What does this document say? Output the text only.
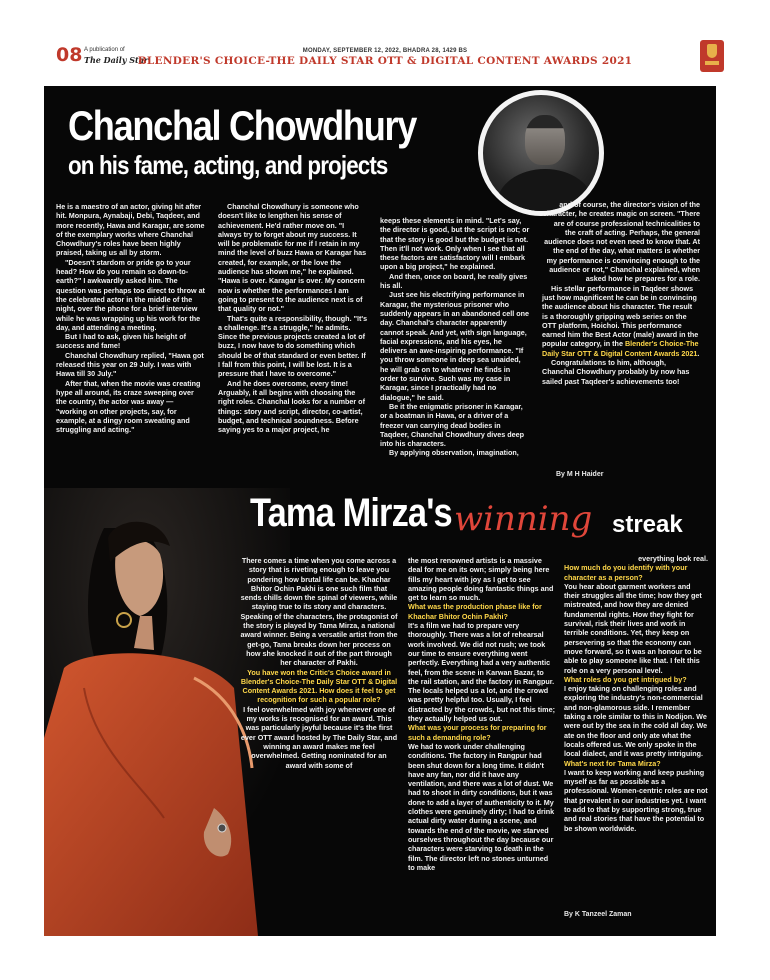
08 A publication of
The Daily Star
MONDAY, SEPTEMBER 12, 2022, BHADRA 28, 1429 BS
BLENDER'S CHOICE-THE DAILY STAR OTT & DIGITAL CONTENT AWARDS 2021
Chanchal Chowdhury
on his fame, acting, and projects

He is a maestro of an actor, giving hit after hit. Monpura, Aynabaji, Debi, Taqdeer, and more recently, Hawa and Karagar, are some of the exemplary works where Chanchal Chowdhury's roles have been highly praised, taking us all by storm.

"Doesn't stardom or pride go to your head? How do you remain so down-to-earth?" I awkwardly asked him. The question was perhaps too direct to throw at the celebrated actor in the middle of the night, over the phone for a brief interview while he was wrapping up his work for the day, and attending a meeting.

But I had to ask, given his height of success and fame!

Chanchal Chowdhury replied, "Hawa got released this year on 29 July. I was with Hawa till 30 July."

After that, when the movie was creating hype all around, its craze sweeping over the country, the actor was away — "working on other projects, say, for example, at a dingy room sweating and struggling and acting."

Chanchal Chowdhury is someone who doesn't like to lengthen his sense of achievement. He'd rather move on. "I always try to forget about my success. It will be problematic for me if I retain in my mind the level of buzz Hawa or Karagar has created, for example, or the love the audience has shown me," he explained. "Hawa is over. Karagar is over. My concern now is whether the performances I am going to present to the audience next is of that quality or not."

That's quite a responsibility, though. "It's a challenge. It's a struggle," he admits. Since the previous projects created a lot of buzz, I now have to do something which should be of that standard or even better. If I fall from this point, I will be lost. It is a pressure that I have to overcome."

And he does overcome, every time! Arguably, it all begins with choosing the right roles. Chanchal looks for a number of things: story and script, director, co-artist, budget, and technical soundness. Before saying yes to a major project, he

keeps these elements in mind. "Let's say, the director is good, but the script is not; or that the story is good but the budget is not. Then it'll not work. Only when I see that all these factors are satisfactory will I embark upon a big project," he explained.

And then, once on board, he really gives his all.

Just see his electrifying performance in Karagar, the mysterious prisoner who suddenly appears in an abandoned cell one day. Chanchal's character apparently cannot speak. And yet, with sign language, facial expressions, and his eyes, he delivers an awe-inspiring performance. "If you throw someone in deep sea unaided, he will grab on to whatever he finds in order to survive. Such was my case in Karagar, since I practically had no dialogue," he said.

Be it the enigmatic prisoner in Karagar, or a boatman in Hawa, or a driver of a freezer van carrying dead bodies in Taqdeer, Chanchal Chowdhury dives deep into his characters.

By applying observation, imagination,

and of course, the director's vision of the character, he creates magic on screen. "There are of course professional technicalities to the craft of acting. Perhaps, the general audience does not even need to know that. At the end of the day, what matters is whether my performance is convincing enough to the audience or not," Chanchal explained, when asked how he prepares for a role.

His stellar performance in Taqdeer shows just how magnificent he can be in convincing the audience about his character. The result is a thoroughly gripping web series on the OTT platform, Hoichoi. This performance earned him the Best Actor (male) award in the popular category, in the Blender's Choice-The Daily Star OTT & Digital Content Awards 2021.

Congratulations to him, although, Chanchal Chowdhury probably by now has sailed past Taqdeer's achievements too!

By M H Haider
Tama Mirza's winning streak

There comes a time when you come across a story that is riveting enough to leave you pondering how brutal life can be. Khachar Bhitor Ochin Pakhi is one such film that sends chills down the spinal of viewers, while staying true to its story and characters.

Speaking of the characters, the protagonist of the story is played by Tama Mirza, a national award winner. Being a versatile artist from the get-go, Tama breaks down her process on how she knocked it out of the part through her character of Pakhi.

You have won the Critic's Choice award in Blender's Choice-The Daily Star OTT & Digital Content Awards 2021. How does it feel to get recognition for such a popular role?

I feel overwhelmed with joy whenever one of my works is recognised for an award. This was particularly joyful because it's the first ever OTT award hosted by The Daily Star, and winning an award makes me feel overwhelmed. Getting nominated for an award with some of

the most renowned artists is a massive deal for me on its own; simply being here fills my heart with joy as I get to see amazing people doing fantastic things and get to learn so much.

What was the production phase like for Khachar Bhitor Ochin Pakhi?

It's a film we had to prepare very thoroughly. There was a lot of rehearsal work involved. We did not rush; we took our time to ensure everything went perfectly. Everything had a very authentic feel, from the scene in Karwan Bazar, to the rail station, and the factory in Rangpur. The locals helped us a lot, and the crowd was pretty helpful too. Usually, I feel distracted by the crowds, but not this time; they actually helped us out.

What was your process for preparing for such a demanding role?

We had to work under challenging conditions. The factory in Rangpur had been shut down for a long time. It didn't have any fan, nor did it have any ventilation, and there was a lot of dust. We had to shoot in dirty conditions, but it was done to add a layer of authenticity to it. My clothes were genuinely dirty; I had to drink actual dirty water during a scene, and towards the end of the movie, we starved ourselves throughout the day because our characters were starving to death in the film. The director left no stones unturned to make

everything look real.

How much do you identify with your character as a person?

You hear about garment workers and their struggles all the time; how they get mistreated, and how they are denied fundamental rights. How they fight for survival, risk their lives and work in terrible conditions. Yet, they keep on persevering so that the economy can move forward, so it was an honour to be able to play someone like that. I felt this role on a very personal level.

What roles do you get intrigued by?

I enjoy taking on challenging roles and exploring the industry's non-commercial and non-glamorous side. I remember taking a role similar to this in Nodijon. We were out by the sea in the cold all day. We ate on the floor and only ate what the locals offered us. We only spoke in the local dialect, and it was pretty intriguing.

What's next for Tama Mirza?

I want to keep working and keep pushing myself as far as possible as a professional. Women-centric roles are not that prevalent in our industries yet. I want to add to that by supporting strong, true and real stories that have the potential to be shown worldwide.

By K Tanzeel Zaman
